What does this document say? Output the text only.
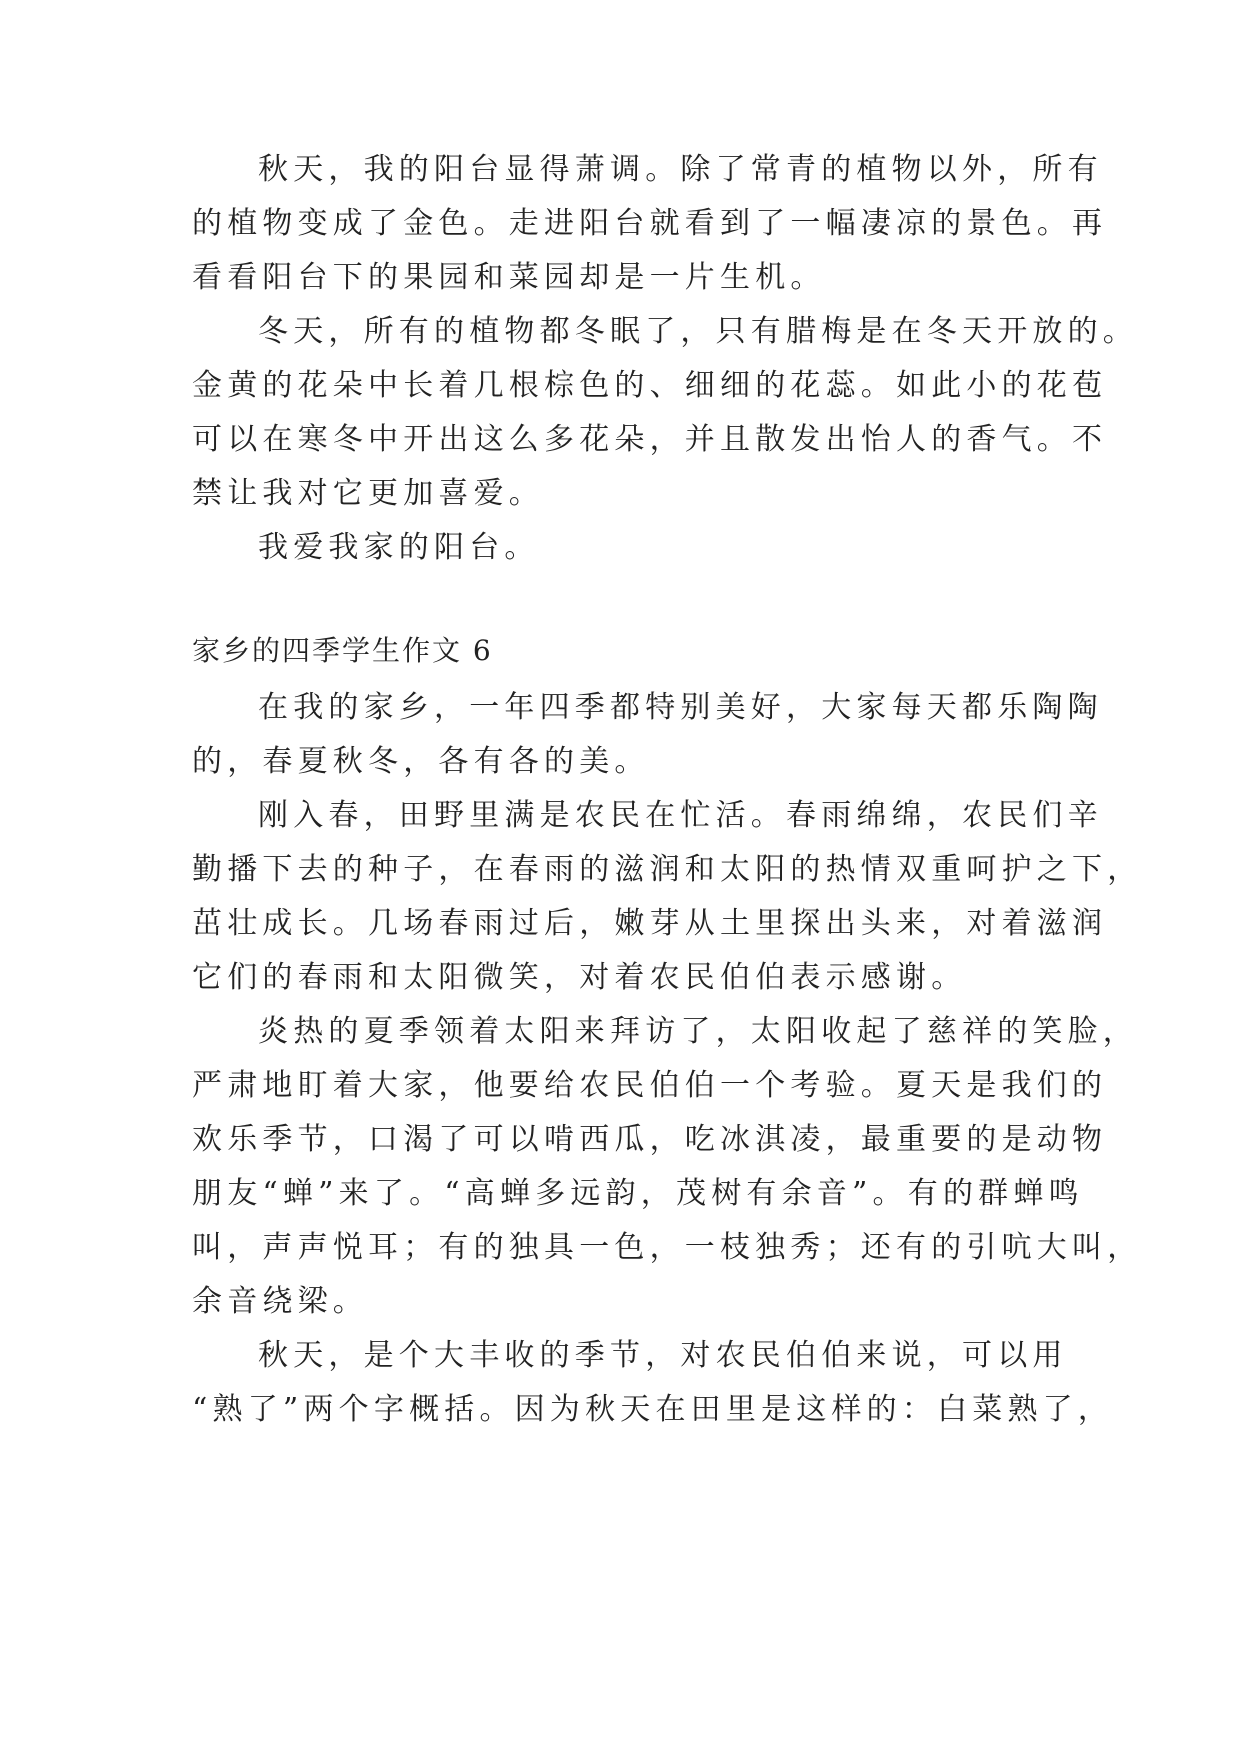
秋天，我的阳台显得萧调。除了常青的植物以外，所有
的植物变成了金色。走进阳台就看到了一幅凄凉的景色。再
看看阳台下的果园和菜园却是一片生机。
冬天，所有的植物都冬眠了，只有腊梅是在冬天开放的。
金黄的花朵中长着几根棕色的、细细的花蕊。如此小的花苞
可以在寒冬中开出这么多花朵，并且散发出怡人的香气。不
禁让我对它更加喜爱。
我爱我家的阳台。
家乡的四季学生作文 6
在我的家乡，一年四季都特别美好，大家每天都乐陶陶
的，春夏秋冬，各有各的美。
刚入春，田野里满是农民在忙活。春雨绵绵，农民们辛
勤播下去的种子，在春雨的滋润和太阳的热情双重呵护之下，
茁壮成长。几场春雨过后，嫩芽从土里探出头来，对着滋润
它们的春雨和太阳微笑，对着农民伯伯表示感谢。
炎热的夏季领着太阳来拜访了，太阳收起了慈祥的笑脸，
严肃地盯着大家，他要给农民伯伯一个考验。夏天是我们的
欢乐季节，口渴了可以啃西瓜，吃冰淇凌，最重要的是动物
朋友“蝉”来了。“高蝉多远韵，茂树有余音”。有的群蝉鸣
叫，声声悦耳；有的独具一色，一枝独秀；还有的引吭大叫，
余音绕梁。
秋天，是个大丰收的季节，对农民伯伯来说，可以用
“熟了”两个字概括。因为秋天在田里是这样的：白菜熟了，
